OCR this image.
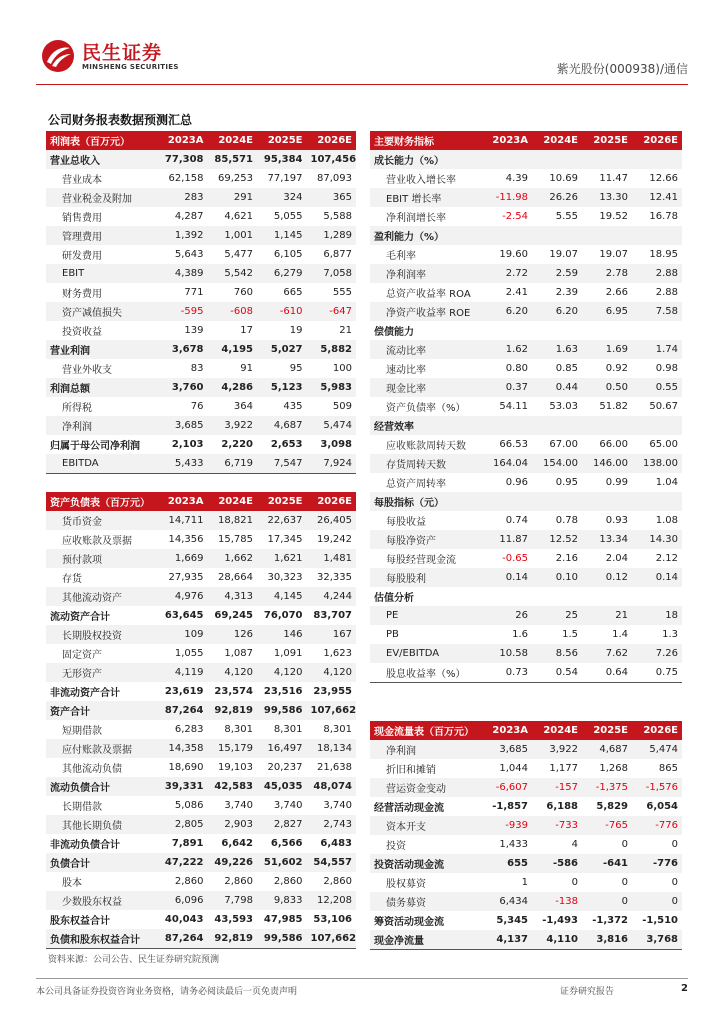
民生证券
MINSHENG SECURITIES	紫光股份(000938)/通信
公司财务报表数据预测汇总
利润表（百万元）	2023A	2024E	2025E	2026E
营业总收入	77,308	85,571	95,384	107,456
营业成本	62,158	69,253	77,197	87,093
营业税金及附加	283	291	324	365
销售费用	4,287	4,621	5,055	5,588
管理费用	1,392	1,001	1,145	1,289
研发费用	5,643	5,477	6,105	6,877
EBIT	4,389	5,542	6,279	7,058
财务费用	771	760	665	555
资产减值损失	-595	-608	-610	-647
投资收益	139	17	19	21
营业利润	3,678	4,195	5,027	5,882
营业外收支	83	91	95	100
利润总额	3,760	4,286	5,123	5,983
所得税	76	364	435	509
净利润	3,685	3,922	4,687	5,474
归属于母公司净利润	2,103	2,220	2,653	3,098
EBITDA	5,433	6,719	7,547	7,924
资产负债表（百万元）	2023A	2024E	2025E	2026E
货币资金	14,711	18,821	22,637	26,405
应收账款及票据	14,356	15,785	17,345	19,242
预付款项	1,669	1,662	1,621	1,481
存货	27,935	28,664	30,323	32,335
其他流动资产	4,976	4,313	4,145	4,244
流动资产合计	63,645	69,245	76,070	83,707
长期股权投资	109	126	146	167
固定资产	1,055	1,087	1,091	1,623
无形资产	4,119	4,120	4,120	4,120
非流动资产合计	23,619	23,574	23,516	23,955
资产合计	87,264	92,819	99,586	107,662
短期借款	6,283	8,301	8,301	8,301
应付账款及票据	14,358	15,179	16,497	18,134
其他流动负债	18,690	19,103	20,237	21,638
流动负债合计	39,331	42,583	45,035	48,074
长期借款	5,086	3,740	3,740	3,740
其他长期负债	2,805	2,903	2,827	2,743
非流动负债合计	7,891	6,642	6,566	6,483
负债合计	47,222	49,226	51,602	54,557
股本	2,860	2,860	2,860	2,860
少数股东权益	6,096	7,798	9,833	12,208
股东权益合计	40,043	43,593	47,985	53,106
负债和股东权益合计	87,264	92,819	99,586	107,662
主要财务指标	2023A	2024E	2025E	2026E
成长能力（%）				
营业收入增长率	4.39	10.69	11.47	12.66
EBIT 增长率	-11.98	26.26	13.30	12.41
净利润增长率	-2.54	5.55	19.52	16.78
盈利能力（%）				
毛利率	19.60	19.07	19.07	18.95
净利润率	2.72	2.59	2.78	2.88
总资产收益率 ROA	2.41	2.39	2.66	2.88
净资产收益率 ROE	6.20	6.20	6.95	7.58
偿债能力				
流动比率	1.62	1.63	1.69	1.74
速动比率	0.80	0.85	0.92	0.98
现金比率	0.37	0.44	0.50	0.55
资产负债率（%）	54.11	53.03	51.82	50.67
经营效率				
应收账款周转天数	66.53	67.00	66.00	65.00
存货周转天数	164.04	154.00	146.00	138.00
总资产周转率	0.96	0.95	0.99	1.04
每股指标（元）				
每股收益	0.74	0.78	0.93	1.08
每股净资产	11.87	12.52	13.34	14.30
每股经营现金流	-0.65	2.16	2.04	2.12
每股股利	0.14	0.10	0.12	0.14
估值分析				
PE	26	25	21	18
PB	1.6	1.5	1.4	1.3
EV/EBITDA	10.58	8.56	7.62	7.26
股息收益率（%）	0.73	0.54	0.64	0.75
现金流量表（百万元）	2023A	2024E	2025E	2026E
净利润	3,685	3,922	4,687	5,474
折旧和摊销	1,044	1,177	1,268	865
营运资金变动	-6,607	-157	-1,375	-1,576
经营活动现金流	-1,857	6,188	5,829	6,054
资本开支	-939	-733	-765	-776
投资	1,433	4	0	0
投资活动现金流	655	-586	-641	-776
股权募资	1	0	0	0
债务募资	6,434	-138	0	0
筹资活动现金流	5,345	-1,493	-1,372	-1,510
现金净流量	4,137	4,110	3,816	3,768
资料来源：公司公告、民生证券研究院预测
本公司具备证券投资咨询业务资格，请务必阅读最后一页免责声明	证券研究报告	2
